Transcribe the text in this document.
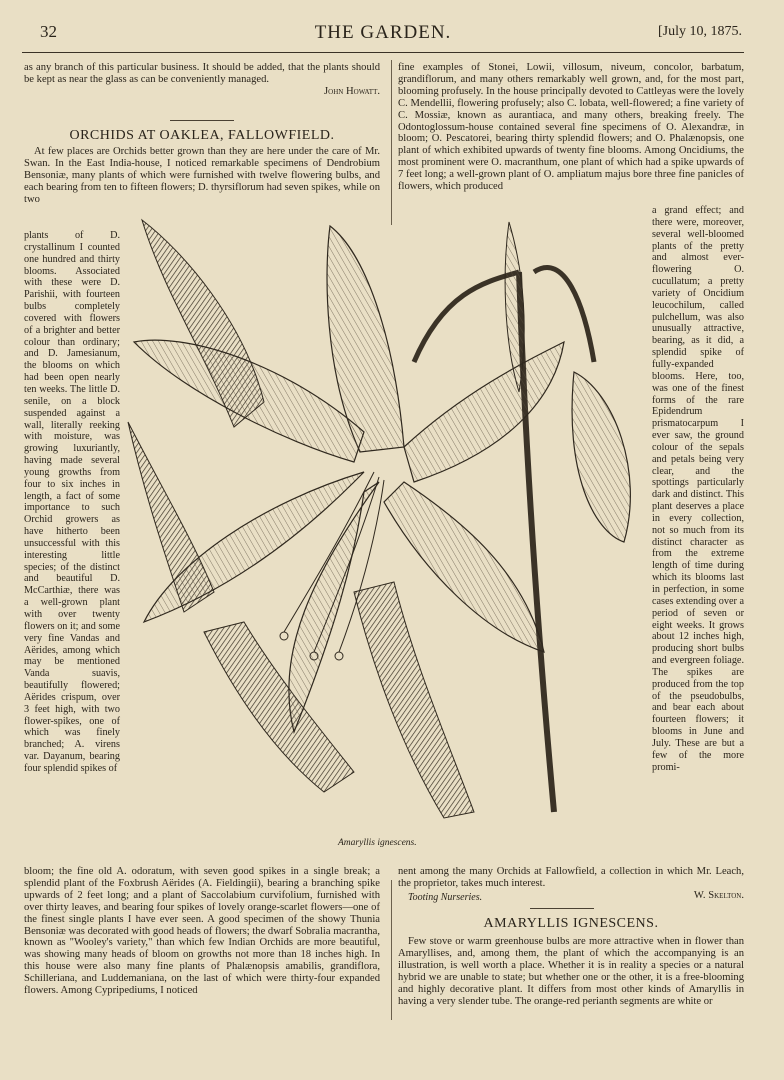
32	THE GARDEN.	[July 10, 1875.

as any branch of this particular business. It should be added, that the plants should be kept as near the glass as can be conveniently managed.

John Howatt.

ORCHIDS AT OAKLEA, FALLOWFIELD.

At few places are Orchids better grown than they are here under the care of Mr. Swan. In the East India-house, I noticed remarkable specimens of Dendrobium Bensoniæ, many plants of which were furnished with twelve flowering bulbs, and each bearing from ten to fifteen flowers; D. thyrsiflorum had seven spikes, while on two

plants of D. crystallinum I counted one hundred and thirty blooms. Associated with these were D. Parishii, with fourteen bulbs completely covered with flowers of a brighter and better colour than ordinary; and D. Jamesianum, the blooms on which had been open nearly ten weeks. The little D. senile, on a block suspended against a wall, literally reeking with moisture, was growing luxuriantly, having made several young growths from four to six inches in length, a fact of some importance to such Orchid growers as have hitherto been unsuccessful with this interesting little species; of the distinct and beautiful D. McCarthiæ, there was a well-grown plant with over twenty flowers on it; and some very fine Vandas and Aërides, among which may be mentioned Vanda suavis, beautifully flowered; Aërides crispum, over 3 feet high, with two flower-spikes, one of which was finely branched; A. virens var. Dayanum, bearing four splendid spikes of

fine examples of Stonei, Lowii, villosum, niveum, concolor, barbatum, grandiflorum, and many others remarkably well grown, and, for the most part, blooming profusely. In the house principally devoted to Cattleyas were the lovely C. Mendellii, flowering profusely; also C. lobata, well-flowered; a fine variety of C. Mossiæ, known as aurantiaca, and many others, breaking freely. The Odontoglossum-house contained several fine specimens of O. Alexandræ, in bloom; O. Pescatorei, bearing thirty splendid flowers; and O. Phalænopsis, one plant of which exhibited upwards of twenty fine blooms. Among Oncidiums, the most prominent were O. macranthum, one plant of which had a spike upwards of 7 feet long; a well-grown plant of O. ampliatum majus bore three fine panicles of flowers, which produced

a grand effect; and there were, moreover, several well-bloomed plants of the pretty and almost ever-flowering O. cucullatum; a pretty variety of Oncidium leucochilum, called pulchellum, was also unusually attractive, bearing, as it did, a splendid spike of fully-expanded blooms. Here, too, was one of the finest forms of the rare Epidendrum prismatocarpum I ever saw, the ground colour of the sepals and petals being very clear, and the spottings particularly dark and distinct. This plant deserves a place in every collection, not so much from its distinct character as from the extreme length of time during which its blooms last in perfection, in some cases extending over a period of seven or eight weeks. It grows about 12 inches high, producing short bulbs and evergreen foliage. The spikes are produced from the top of the pseudobulbs, and bear each about fourteen flowers; it blooms in June and July. These are but a few of the more promi-

Amaryllis ignescens.

bloom; the fine old A. odoratum, with seven good spikes in a single break; a splendid plant of the Foxbrush Aërides (A. Fieldingii), bearing a branching spike upwards of 2 feet long; and a plant of Saccolabium curvifolium, furnished with over thirty leaves, and bearing four spikes of lovely orange-scarlet flowers—one of the finest single plants I have ever seen. A good specimen of the showy Thunia Bensoniæ was decorated with good heads of flowers; the dwarf Sobralia macrantha, known as "Wooley's variety," than which few Indian Orchids are more beautiful, was showing many heads of bloom on growths not more than 18 inches high. In this house were also many fine plants of Phalænopsis amabilis, grandiflora, Schilleriana, and Luddemaniana, on the last of which were thirty-four expanded flowers. Among Cypripediums, I noticed

nent among the many Orchids at Fallowfield, a collection in which Mr. Leach, the proprietor, takes much interest.

W. Skelton.

Tooting Nurseries.
AMARYLLIS IGNESCENS.

Few stove or warm greenhouse bulbs are more attractive when in flower than Amaryllises, and, among them, the plant of which the accompanying is an illustration, is well worth a place. Whether it is in reality a species or a natural hybrid we are unable to state; but whether one or the other, it is a free-blooming and highly decorative plant. It differs from most other kinds of Amaryllis in having a very slender tube. The orange-red perianth segments are white or
